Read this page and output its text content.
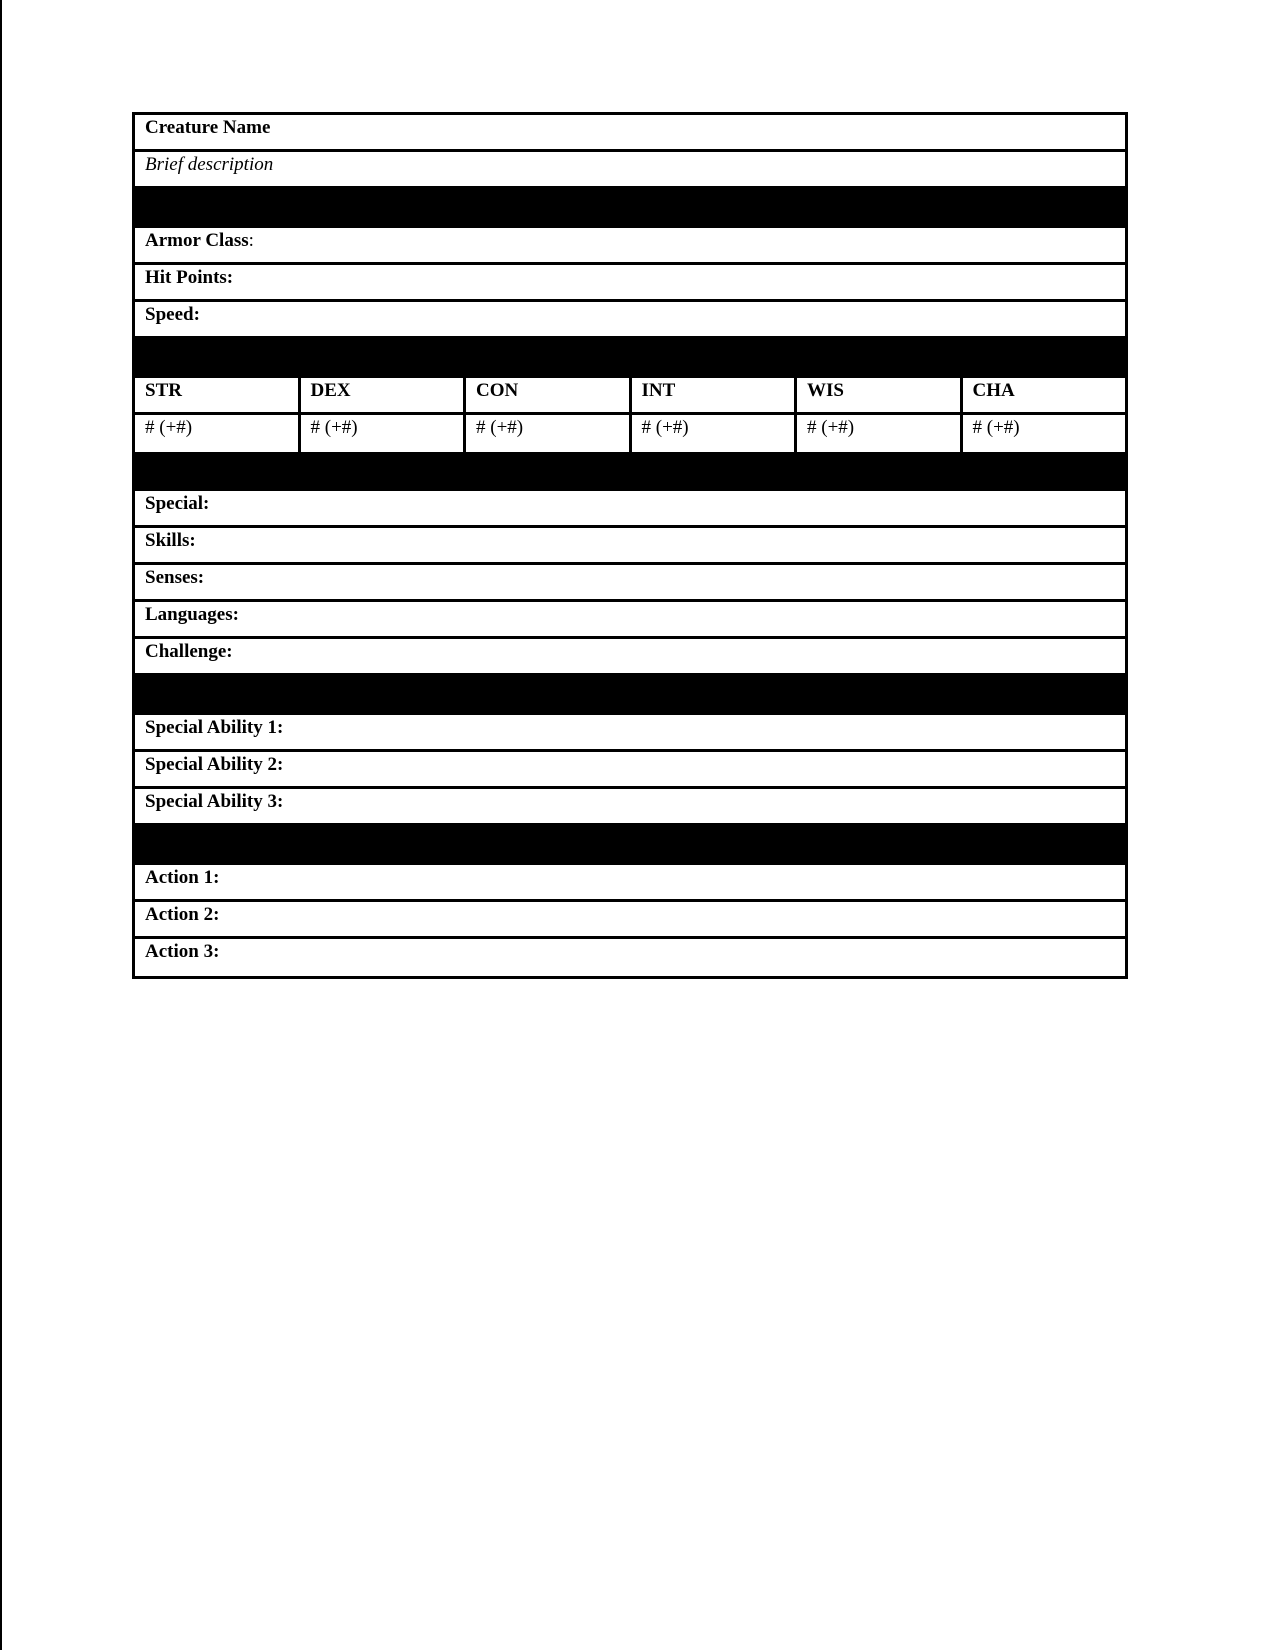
Creature Name
Brief description
Armor Class:
Hit Points:
Speed:
STR	DEX	CON	INT	WIS	CHA
# (+#)	# (+#)	# (+#)	# (+#)	# (+#)	# (+#)
Special:
Skills:
Senses:
Languages:
Challenge:
Special Ability 1:
Special Ability 2:
Special Ability 3:
Action 1:
Action 2:
Action 3:
